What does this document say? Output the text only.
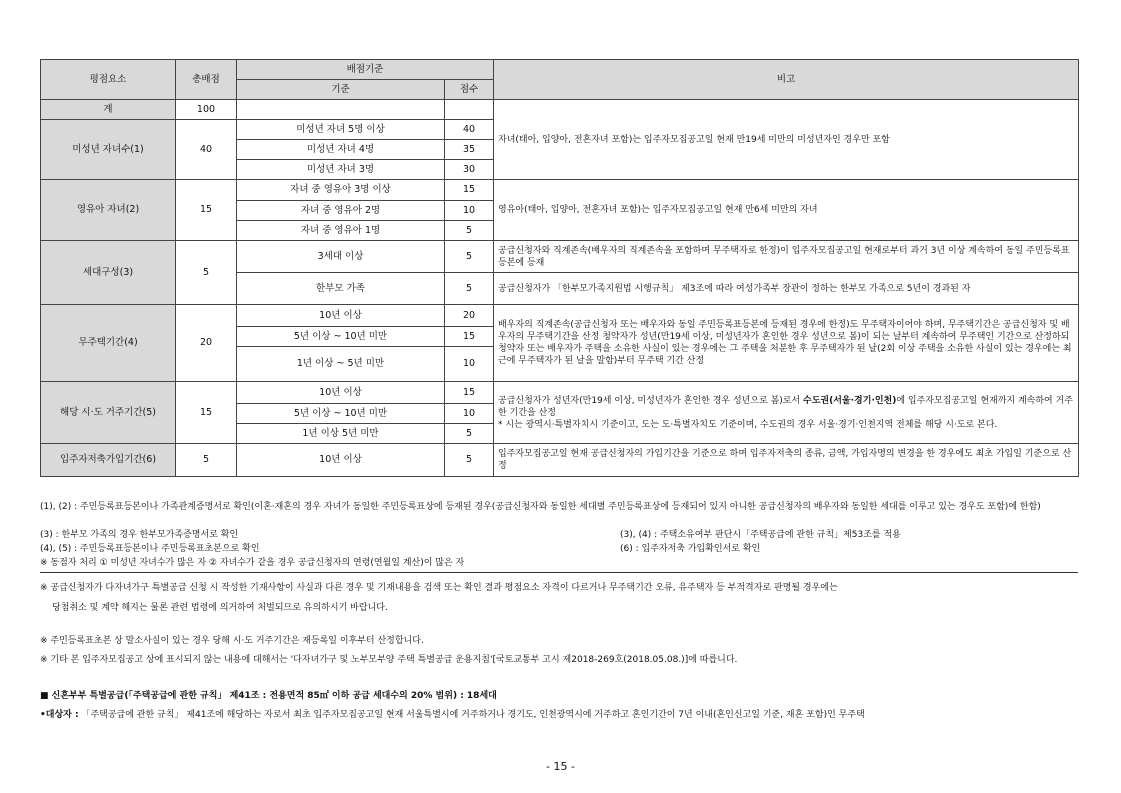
평점요소	총배점	배점기준		비고
		기준	점수	
계	100			자녀(태아, 입양아, 전혼자녀 포함)는 입주자모집공고일 현재 만19세 미만의 미성년자인 경우만 포함
미성년 자녀수(1)	40	미성년 자녀 5명 이상	40	
		미성년 자녀 4명	35	
		미성년 자녀 3명	30	
영유아 자녀(2)	15	자녀 중 영유아 3명 이상	15	영유아(태아, 입양아, 전혼자녀 포함)는 입주자모집공고일 현재 만6세 미만의 자녀
		자녀 중 영유아 2명	10	
		자녀 중 영유아 1명	5	
세대구성(3)	5	3세대 이상	5	공급신청자와 직계존속(배우자의 직계존속을 포함하며 무주택자로 한정)이 입주자모집공고일 현재로부터 과거 3년 이상 계속하여 동일 주민등록표 등본에 등재
		한부모 가족	5	공급신청자가 「한부모가족지원법 시행규칙」 제3조에 따라 여성가족부 장관이 정하는 한부모 가족으로 5년이 경과된 자
무주택기간(4)	20	10년 이상	20	배우자의 직계존속(공급신청자 또는 배우자와 동일 주민등록표등본에 등재된 경우에 한정)도 무주택자이어야 하며, 무주택기간은 공급신청자 및 배우자의 무주택기간을 산정 청약자가 성년(만19세 이상, 미성년자가 혼인한 경우 성년으로 봄)이 되는 날부터 계속하여 무주택인 기간으로 산정하되 청약자 또는 배우자가 주택을 소유한 사실이 있는 경우에는 그 주택을 처분한 후 무주택자가 된 날(2회 이상 주택을 소유한 사실이 있는 경우에는 최근에 무주택자가 된 날을 말함)부터 무주택 기간 산정
		5년 이상 ~ 10년 미만	15	
		1년 이상 ~ 5년 미만	10	
해당 시·도 거주기간(5)	15	10년 이상	15	공급신청자가 성년자(만19세 이상, 미성년자가 혼인한 경우 성년으로 봄)로서 수도권(서울·경기·인천)에 입주자모집공고일 현재까지 계속하여 거주한 기간을 산정
* 시는 광역시·특별자치시 기준이고, 도는 도·특별자치도 기준이며, 수도권의 경우 서울·경기·인천지역 전체를 해당 시·도로 본다.
		5년 이상 ~ 10년 미만	10	
		1년 이상 5년 미만	5	
입주자저축가입기간(6)	5	10년 이상	5	입주자모집공고일 현재 공급신청자의 가입기간을 기준으로 하며 입주자저축의 종류, 금액, 가입자명의 변경을 한 경우에도 최초 가입일 기준으로 산정
(1), (2) : 주민등록표등본이나 가족관계증명서로 확인(이혼·재혼의 경우 자녀가 동일한 주민등록표상에 등재된 경우(공급신청자와 동일한 세대별 주민등록표상에 등재되어 있지 아니한 공급신청자의 배우자와 동일한 세대를 이루고 있는 경우도 포함)에 한함)
(3) : 한부모 가족의 경우 한부모가족증명서로 확인	(3), (4) : 주택소유여부 판단시「주택공급에 관한 규칙」제53조를 적용
(4), (5) : 주민등록표등본이나 주민등록표초본으로 확인	(6) : 입주자저축 가입확인서로 확인
※ 동점자 처리 ① 미성년 자녀수가 많은 자 ② 자녀수가 같을 경우 공급신청자의 연령(연월일 계산)이 많은 자
※ 공급신청자가 다자녀가구 특별공급 신청 시 작성한 기재사항이 사실과 다른 경우 및 기재내용을 검색 또는 확인 결과 평점요소 자격이 다르거나 무주택기간 오류, 유주택자 등 부적격자로 판명될 경우에는
당첨취소 및 계약 해지는 물론 관련 법령에 의거하여 처벌되므로 유의하시기 바랍니다.
※ 주민등록표초본 상 말소사실이 있는 경우 당해 시·도 거주기간은 재등록일 이후부터 산정합니다.
※ 기타 본 입주자모집공고 상에 표시되지 않는 내용에 대해서는 '다자녀가구 및 노부모부양 주택 특별공급 운용지침'[국토교통부 고시 제2018-269호(2018.05.08.)]에 따릅니다.
■ 신혼부부 특별공급(「주택공급에 관한 규칙」 제41조 : 전용면적 85㎡ 이하 공급 세대수의 20% 범위) : 18세대
•대상자 : 「주택공급에 관한 규칙」 제41조에 해당하는 자로서 최초 입주자모집공고일 현재 서울특별시에 거주하거나 경기도, 인천광역시에 거주하고 혼인기간이 7년 이내(혼인신고일 기준, 재혼 포함)인 무주택
- 15 -
